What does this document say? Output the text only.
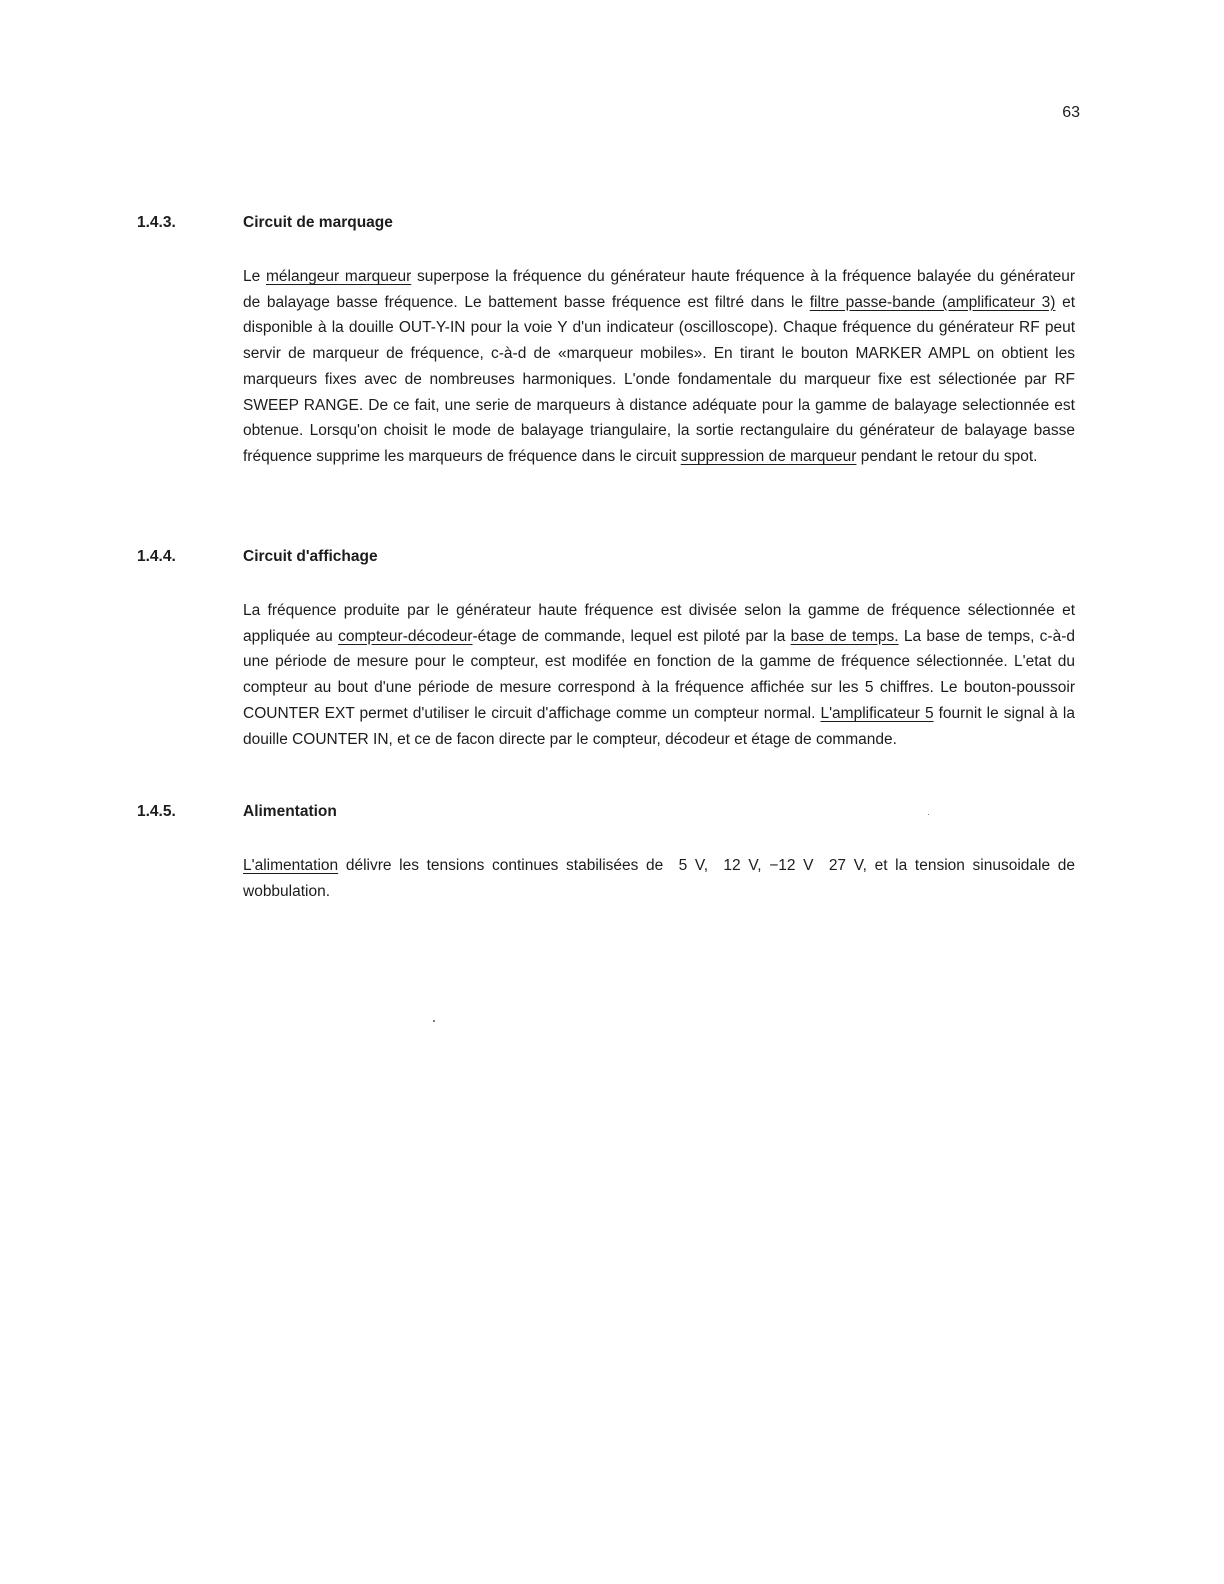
63
1.4.3.	Circuit de marquage
Le mélangeur marqueur superpose la fréquence du générateur haute fréquence à la fréquence balayée du générateur de balayage basse fréquence. Le battement basse fréquence est filtré dans le filtre passe-bande (amplificateur 3) et disponible à la douille OUT-Y-IN pour la voie Y d'un indicateur (oscilloscope). Chaque fréquence du générateur RF peut servir de marqueur de fréquence, c-à-d de «marqueur mobiles». En tirant le bouton MARKER AMPL on obtient les marqueurs fixes avec de nombreuses harmoniques. L'onde fondamentale du marqueur fixe est sélectionée par RF SWEEP RANGE. De ce fait, une serie de marqueurs à distance adéquate pour la gamme de balayage selectionnée est obtenue. Lorsqu'on choisit le mode de balayage triangulaire, la sortie rectangulaire du générateur de balayage basse fréquence supprime les marqueurs de fréquence dans le circuit suppression de marqueur pendant le retour du spot.
1.4.4.	Circuit d'affichage
La fréquence produite par le générateur haute fréquence est divisée selon la gamme de fréquence sélectionnée et appliquée au compteur-décodeur-étage de commande, lequel est piloté par la base de temps. La base de temps, c-à-d une période de mesure pour le compteur, est modifée en fonction de la gamme de fréquence sélectionnée. L'etat du compteur au bout d'une période de mesure correspond à la fréquence affichée sur les 5 chiffres. Le bouton-poussoir COUNTER EXT permet d'utiliser le circuit d'affichage comme un compteur normal. L'amplificateur 5 fournit le signal à la douille COUNTER IN, et ce de facon directe par le compteur, décodeur et étage de commande.
1.4.5.	Alimentation
L'alimentation délivre les tensions continues stabilisées de  5 V,  12 V, −12 V  27 V, et la tension sinusoidale de wobbulation.
